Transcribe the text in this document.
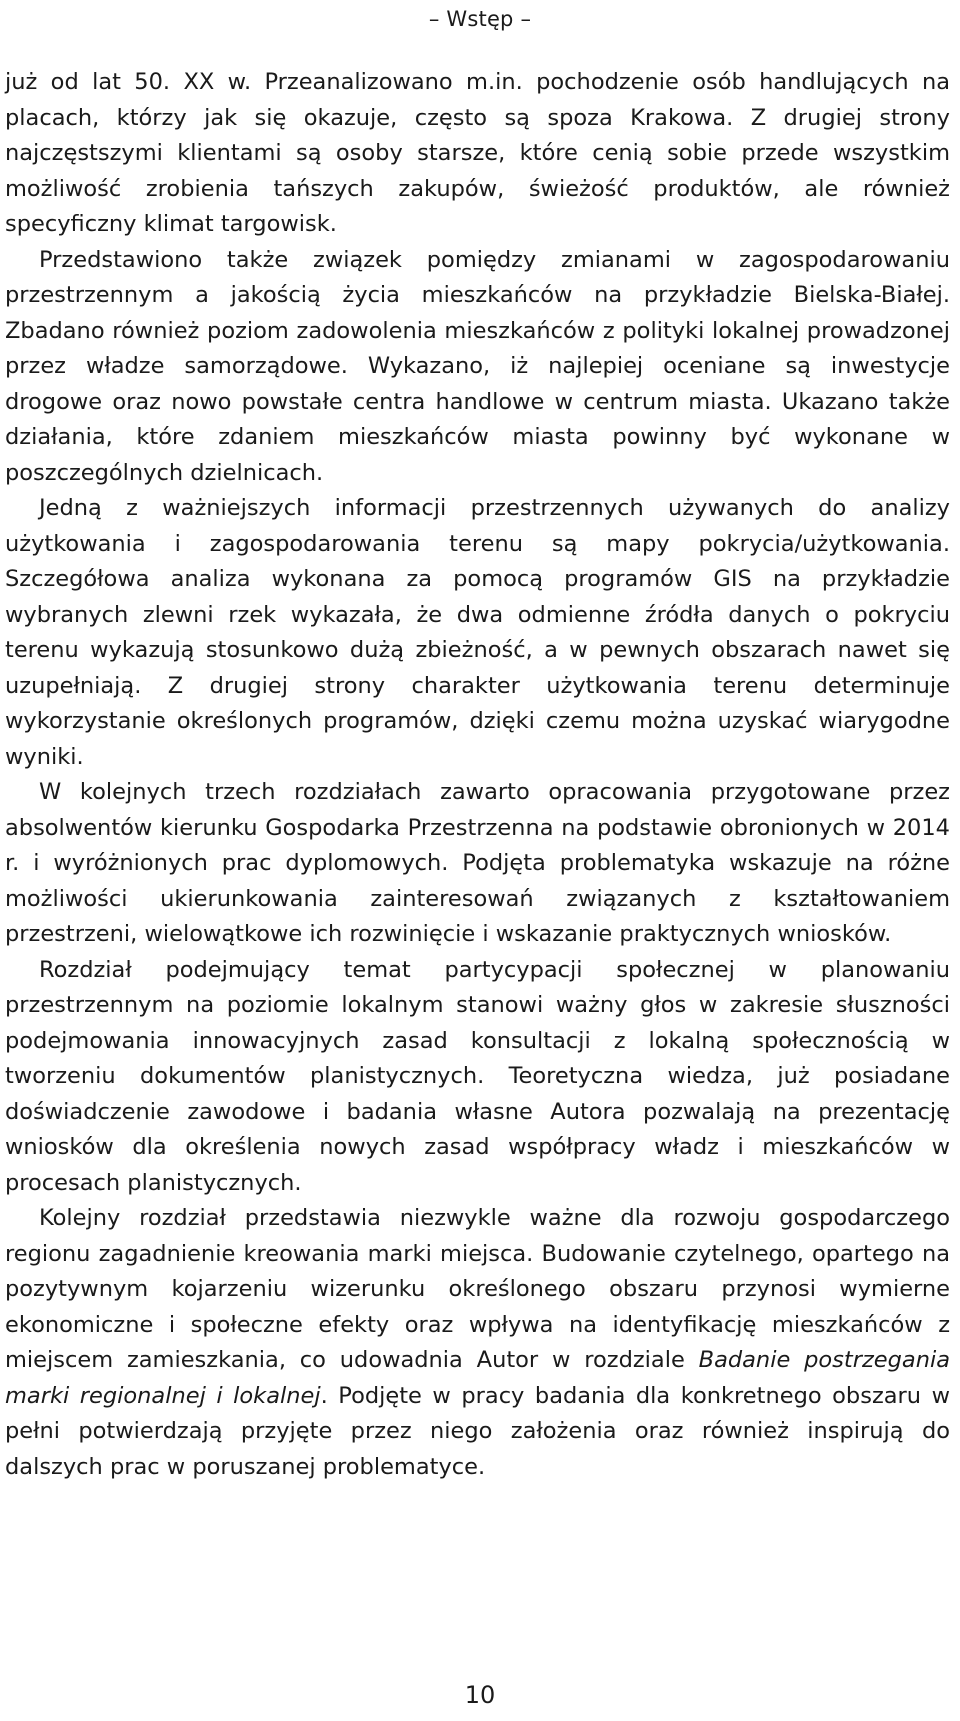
– Wstęp –

już od lat 50. XX w. Przeanalizowano m.in. pochodzenie osób handlujących na placach, którzy jak się okazuje, często są spoza Krakowa. Z drugiej strony najczęstszymi klientami są osoby starsze, które cenią sobie przede wszystkim możliwość zrobienia tańszych zakupów, świeżość produktów, ale również specyficzny klimat targowisk.

Przedstawiono także związek pomiędzy zmianami w zagospodarowaniu przestrzennym a jakością życia mieszkańców na przykładzie Bielska-Białej. Zbadano również poziom zadowolenia mieszkańców z polityki lokalnej prowadzonej przez władze samorządowe. Wykazano, iż najlepiej oceniane są inwestycje drogowe oraz nowo powstałe centra handlowe w centrum miasta. Ukazano także działania, które zdaniem mieszkańców miasta powinny być wykonane w poszczególnych dzielnicach.

Jedną z ważniejszych informacji przestrzennych używanych do analizy użytkowania i zagospodarowania terenu są mapy pokrycia/użytkowania. Szczegółowa analiza wykonana za pomocą programów GIS na przykładzie wybranych zlewni rzek wykazała, że dwa odmienne źródła danych o pokryciu terenu wykazują stosunkowo dużą zbieżność, a w pewnych obszarach nawet się uzupełniają. Z drugiej strony charakter użytkowania terenu determinuje wykorzystanie określonych programów, dzięki czemu można uzyskać wiarygodne wyniki.

W kolejnych trzech rozdziałach zawarto opracowania przygotowane przez absolwentów kierunku Gospodarka Przestrzenna na podstawie obronionych w 2014 r. i wyróżnionych prac dyplomowych. Podjęta problematyka wskazuje na różne możliwości ukierunkowania zainteresowań związanych z kształtowaniem przestrzeni, wielowątkowe ich rozwinięcie i wskazanie praktycznych wniosków.

Rozdział podejmujący temat partycypacji społecznej w planowaniu przestrzennym na poziomie lokalnym stanowi ważny głos w zakresie słuszności podejmowania innowacyjnych zasad konsultacji z lokalną społecznością w tworzeniu dokumentów planistycznych. Teoretyczna wiedza, już posiadane doświadczenie zawodowe i badania własne Autora pozwalają na prezentację wniosków dla określenia nowych zasad współpracy władz i mieszkańców w procesach planistycznych.

Kolejny rozdział przedstawia niezwykle ważne dla rozwoju gospodarczego regionu zagadnienie kreowania marki miejsca. Budowanie czytelnego, opartego na pozytywnym kojarzeniu wizerunku określonego obszaru przynosi wymierne ekonomiczne i społeczne efekty oraz wpływa na identyfikację mieszkańców z miejscem zamieszkania, co udowadnia Autor w rozdziale Badanie postrzegania marki regionalnej i lokalnej. Podjęte w pracy badania dla konkretnego obszaru w pełni potwierdzają przyjęte przez niego założenia oraz również inspirują do dalszych prac w poruszanej problematyce.

10
